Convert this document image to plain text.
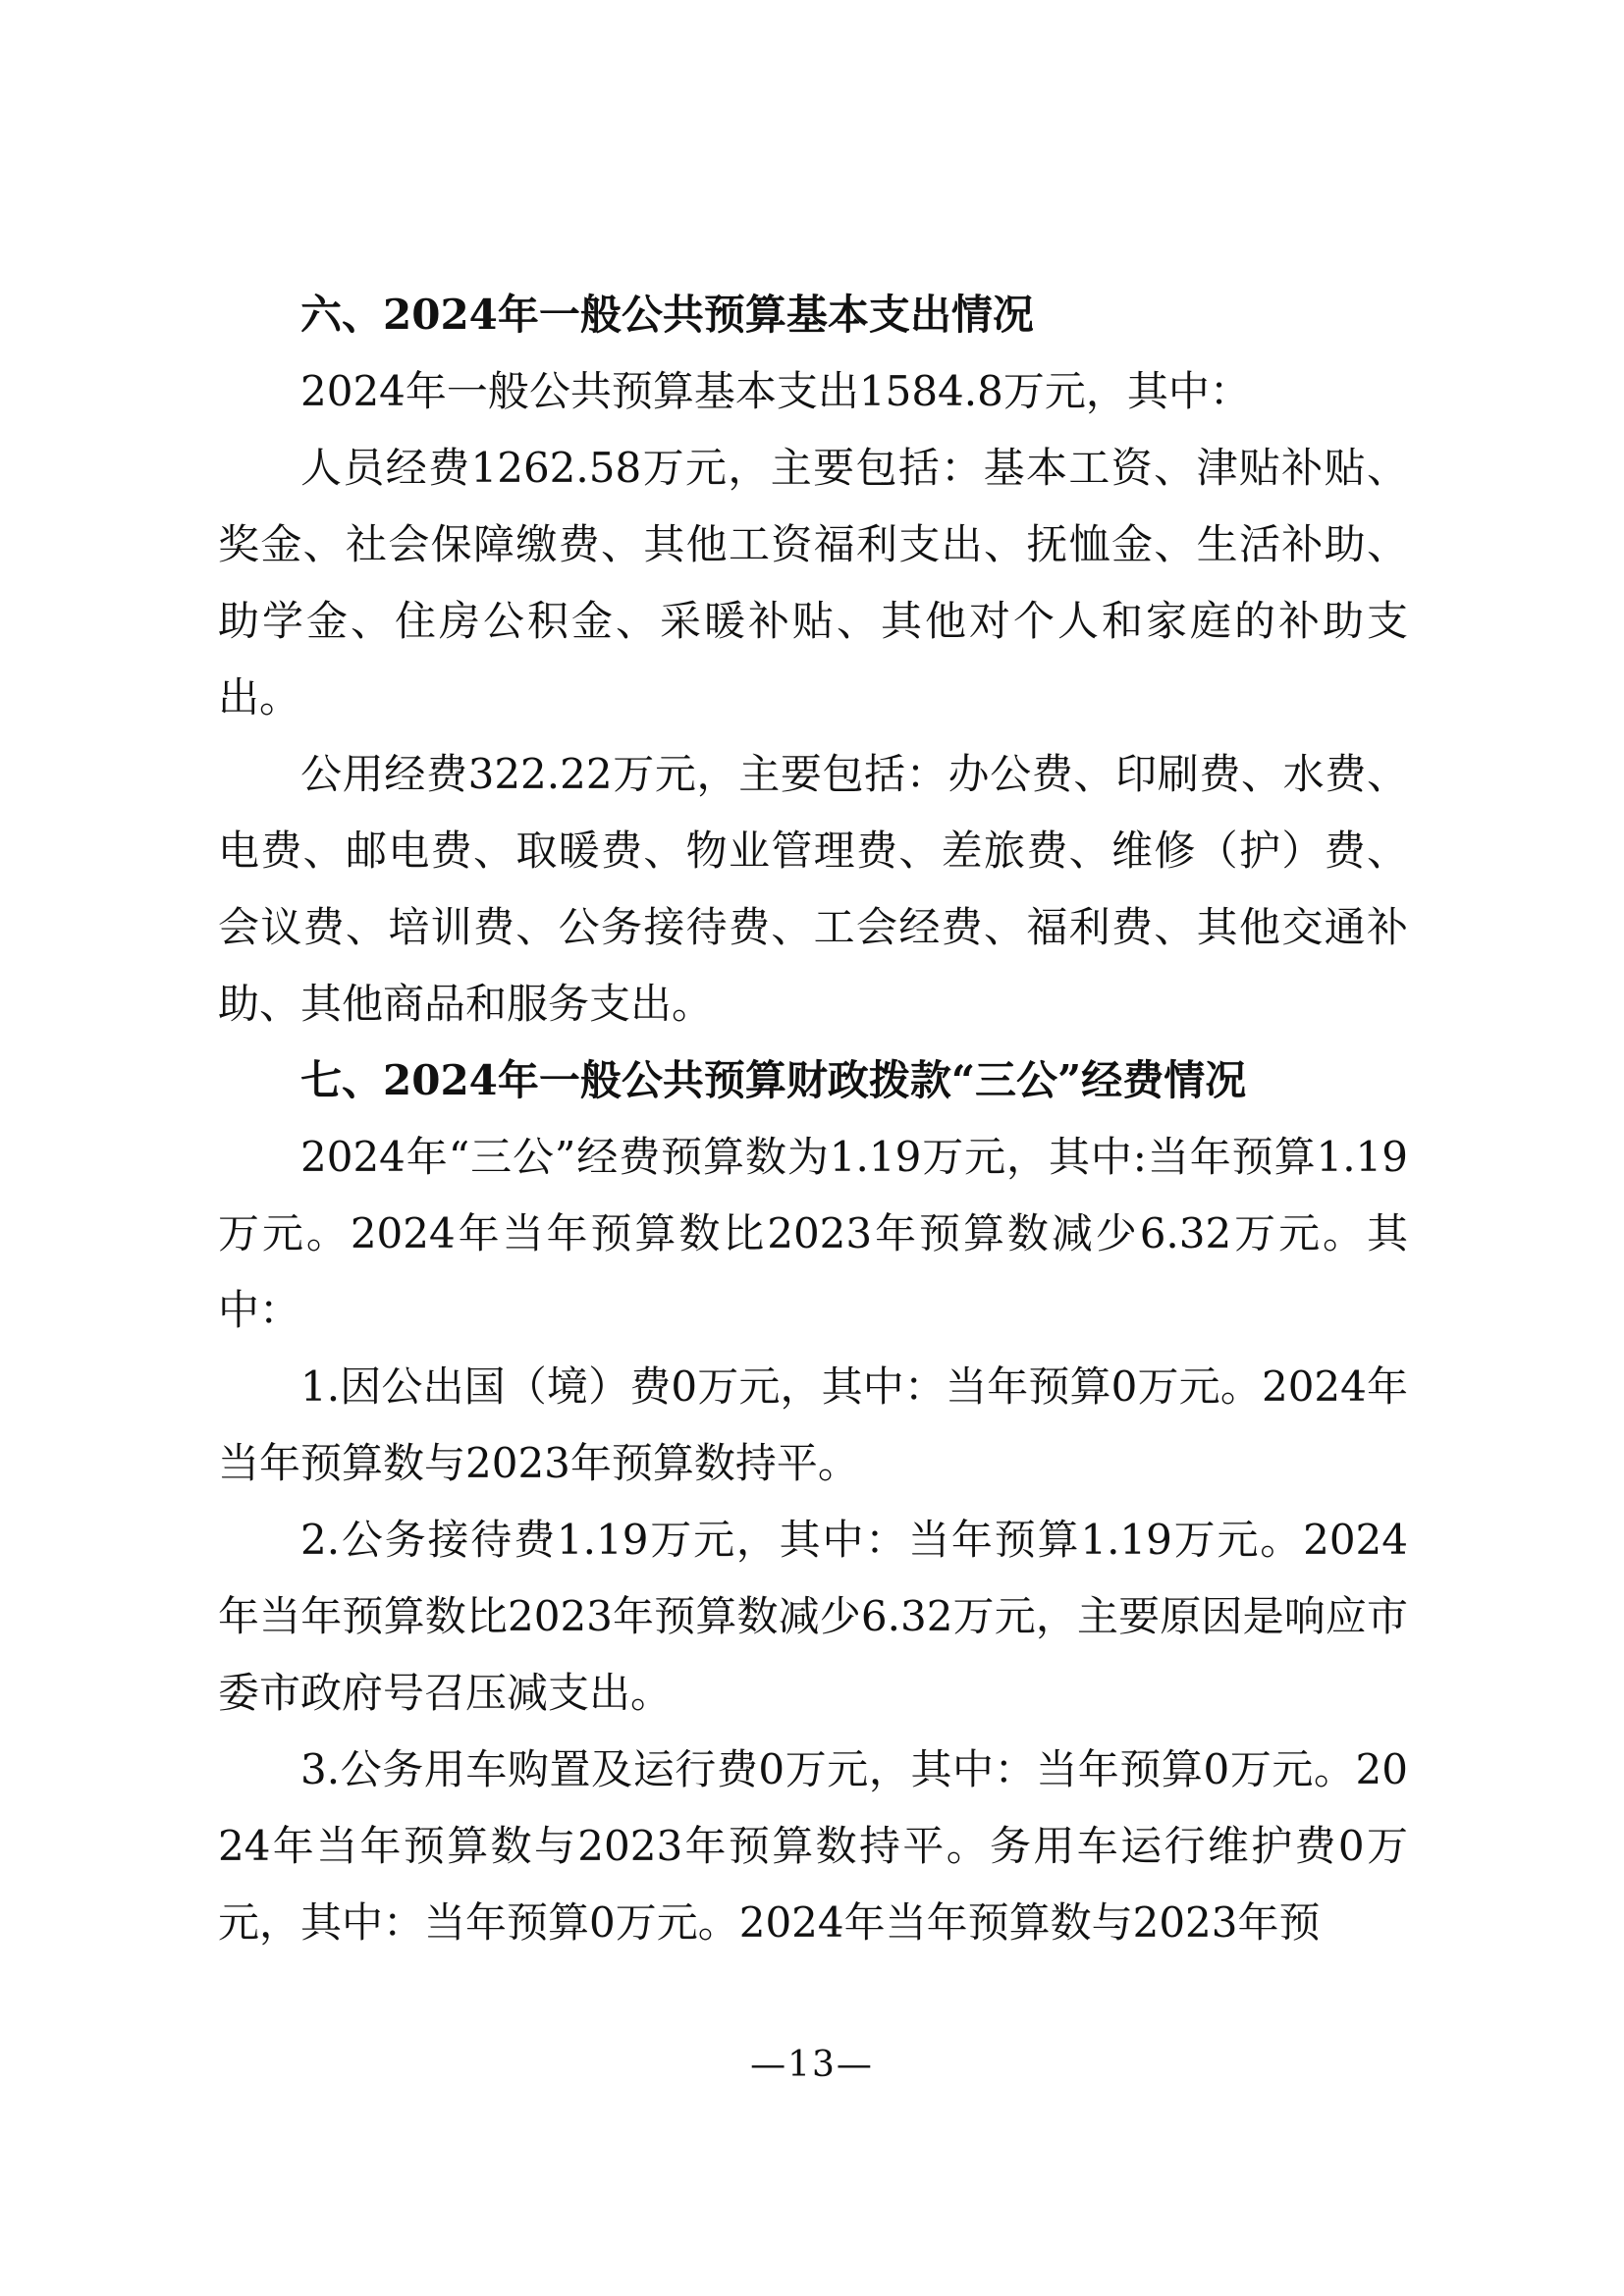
六、2024年一般公共预算基本支出情况

2024年一般公共预算基本支出1584.8万元，其中：

人员经费1262.58万元，主要包括：基本工资、津贴补贴、奖金、社会保障缴费、其他工资福利支出、抚恤金、生活补助、助学金、住房公积金、采暖补贴、其他对个人和家庭的补助支出。

公用经费322.22万元，主要包括：办公费、印刷费、水费、电费、邮电费、取暖费、物业管理费、差旅费、维修（护）费、会议费、培训费、公务接待费、工会经费、福利费、其他交通补助、其他商品和服务支出。

七、2024年一般公共预算财政拨款“三公”经费情况

2024年“三公”经费预算数为1.19万元，其中:当年预算1.19万元。2024年当年预算数比2023年预算数减少6.32万元。其中：

1.因公出国（境）费0万元，其中：当年预算0万元。2024年当年预算数与2023年预算数持平。

2.公务接待费1.19万元，其中：当年预算1.19万元。2024年当年预算数比2023年预算数减少6.32万元，主要原因是响应市委市政府号召压减支出。

3.公务用车购置及运行费0万元，其中：当年预算0万元。2024年当年预算数与2023年预算数持平。务用车运行维护费0万元，其中：当年预算0万元。2024年当年预算数与2023年预

—13—
